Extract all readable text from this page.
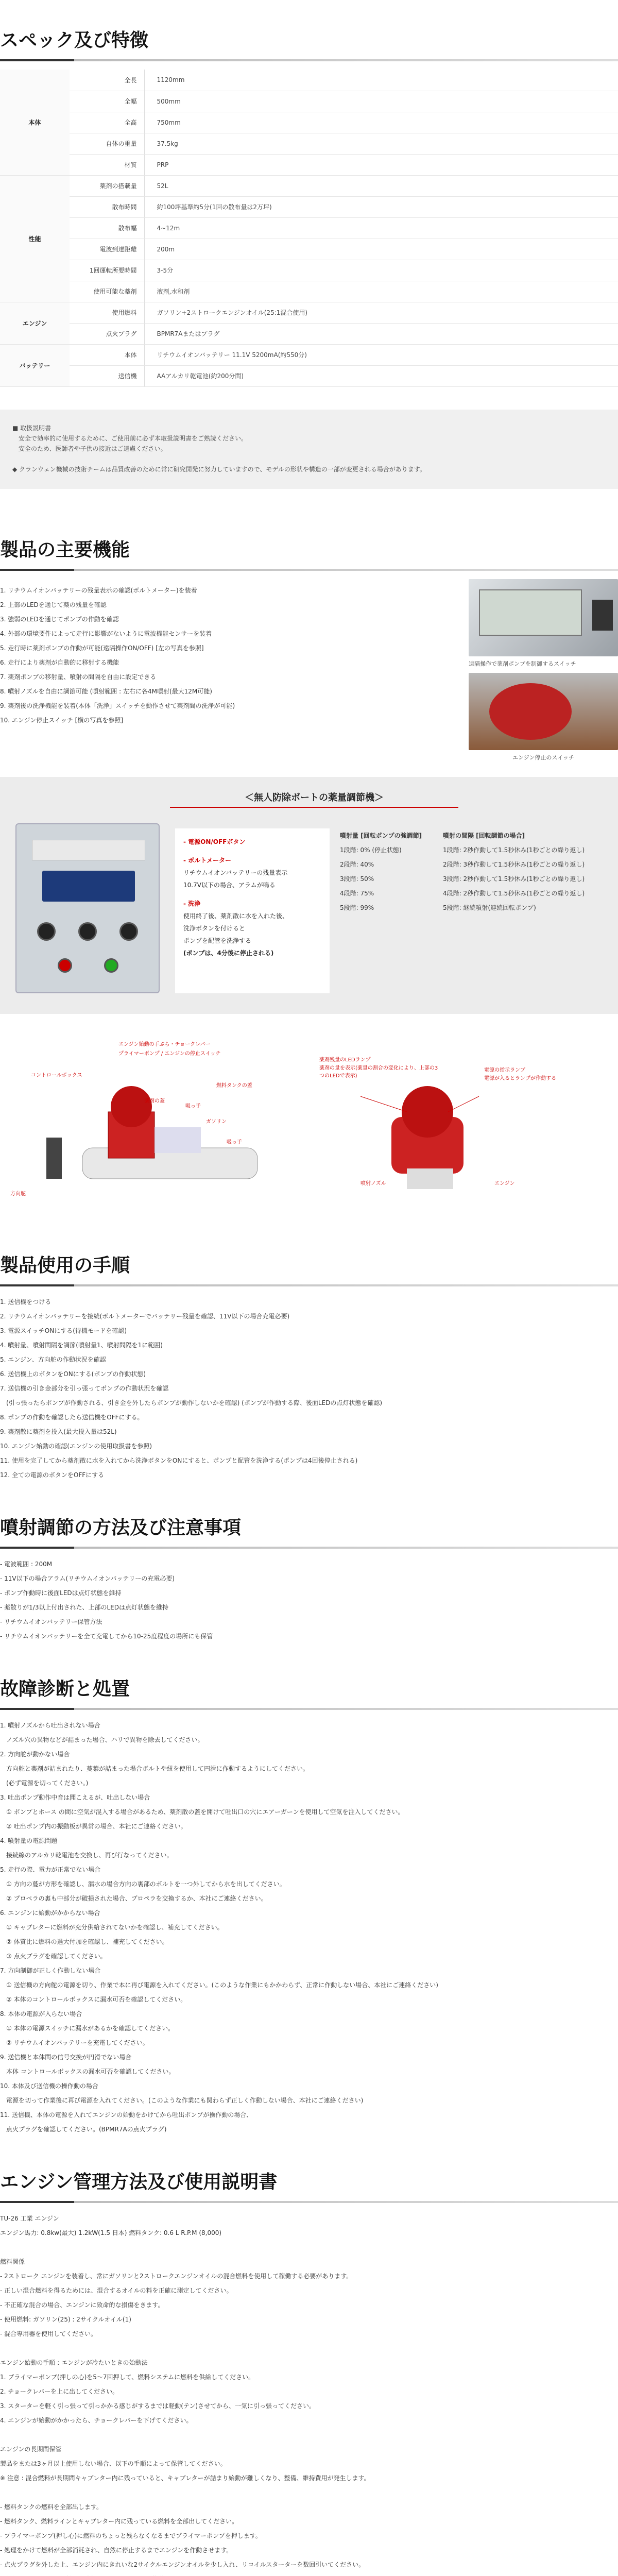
スペック及び特徴
本体	全長	1120mm
	全幅	500mm
	全高	750mm
	自体の重量	37.5kg
	材質	PRP
性能	薬剤の搭載量	52L
	散布時間	約100坪基準約5分(1回の散布量は2万坪)
	散布幅	4~12m
	電波到達距離	200m
	1回運転所要時間	3-5分
	使用可能な薬剤	液剤,水和剤
エンジン	使用燃料	ガソリン+2ストロークエンジンオイル(25:1混合使用)
	点火プラグ	BPMR7Aまたはプラグ
バッテリー	本体	リチウムイオンバッテリー 11.1V 5200mA(約550分)
	送信機	AAアルカリ乾電池(約200分間)

■ 取扱説明書

　安全で効率的に使用するために、ご使用前に必ず本取扱説明書をご熟読ください。

　安全のため、医師者や子供の接近はご遠慮ください。

◆ クランウェン機械の技術チームは品質改善のために常に研究開発に努力していますので、モデルの形状や構造の一部が変更される場合があります。

製品の主要機能

1. リチウムイオンバッテリーの残量表示の確認(ボルトメーター)を装着

2. 上部のLEDを通じて薬の残量を確認

3. 強弱のLEDを通じてポンプの作動を確認

4. 外部の環境要件によって走行に影響がないように電波機能センサーを装着

5. 走行時に薬剤ポンプの作動が可能(遠隔操作ON/OFF) [左の写真を参照]

6. 走行により薬剤が自動的に移射する機能

7. 薬剤ポンプの移射量、噴射の間隔を自由に設定できる

8. 噴射ノズルを自由に調節可能 (噴射範囲 : 左右に各4M噴射(最大12M可能)

9. 薬剤後の洗浄機能を装着(本体「洗浄」スイッチを動作させて薬剤間の洗浄が可能)

10. エンジン停止スイッチ [横の写真を参照]

遠隔操作で薬剤ポンプを制御するスイッチ
エンジン停止のスイッチ
＜無人防除ボートの薬量調節機＞
- 電源ON/OFFボタン
- ボルトメーター
リチウムイオンバッテリーの残量表示
10.7V以下の場合、アラムが鳴る
- 洗浄
使用終了後、薬剤散に水を入れた後、
洗浄ボタンを付けると
ポンプを配管を洗浄する
(ポンプは、4分後に停止される)
噴射量 [回転ポンプの強調節]	噴射の間隔 [回転調節の場合]
1段階: 0% (停止状態)	1段階: 2秒作動して1.5秒休み(1秒ごとの繰り返し)
2段階: 40%	2段階: 3秒作動して1.5秒休み(1秒ごとの繰り返し)
3段階: 50%	3段階: 2秒作動して1.5秒休み(1秒ごとの繰り返し)
4段階: 75%	4段階: 2秒作動して1.5秒休み(1秒ごとの繰り返し)
5段階: 99%	5段階: 継続噴射(連続回転ポンプ)
エンジン始動の手ぶら・チョークレバー
プライマーポンプ / エンジンの停止スイッチ
コントロールボックス
燃料タンクの蓋
吸っ手
薬剤の蓋
ガソリン
吸っ手
方向舵
薬剤残量のLEDランプ
薬剤の量を表示(薬量の割合の変化により、上部の3つのLEDで表示)
電源の指示ランプ
電源が入るとランプが作動する
噴射ノズル	エンジン
製品使用の手順

1. 送信機をつける

2. リチウムイオンバッテリーを接続(ボルトメーターでバッテリー残量を確認、11V以下の場合充電必要)

3. 電源スイッチONにする(待機モードを確認)

4. 噴射量、噴射間隔を調節(噴射量1、噴射間隔を1に範囲)

5. エンジン、方向舵の作動状況を確認

6. 送信機上のボタンをONにする(ポンプの作動状態)

7. 送信機の引き金部分を引っ張ってポンプの作動状況を確認

　(引っ張ったらポンプが作動される、引き金を外したらポンプが動作しないかを確認) (ポンプが作動する際、後面LEDの点灯状態を確認)

8. ポンプの作動を確認したら送信機をOFFにする。

9. 薬剤散に薬剤を投入(最大投入量は52L)

10. エンジン始動の確認(エンジンの使用取扱書を参照)

11. 使用を完了してから薬剤散に水を入れてから洗浄ボタンをONにすると、ポンプと配管を洗浄する(ポンプは4回後停止される)

12. 全ての電源のボタンをOFFにする

噴射調節の方法及び注意事項

- 電波範囲 : 200M

- 11V以下の場合アラム(リチウムイオンバッテリーの充電必要)

- ポンプ作動時に後面LEDは点灯状態を維持

- 薬散りが1/3以上付出された、上部のLEDは点灯状態を維持

- リチウムイオンバッテリー保管方法

- リチウムイオンバッテリーを全て充電してから10-25度程度の場所にも保管

故障診断と処置

1. 噴射ノズルから吐出されない場合

　ノズル穴の異物などが詰まった場合、ハリで異物を除去してください。

2. 方向舵が動かない場合

　方向舵と薬剤が詰まれたり、蔓葉が詰まった場合ボルトや紐を使用して円滑に作動するようにしてください。

　(必ず電源を切ってください。)

3. 吐出ポンプ動作中音は聞こえるが、吐出しない場合

　① ポンプとホース の間に空気が混入する場合があるため、薬剤散の蓋を開けて吐出口の穴にエアーガーンを使用して空気を注入してください。

　② 吐出ポンプ内の振動板が異常の場合、本社にご連絡ください。

4. 噴射量の電源問題

　接続線のアルカリ乾電池を交換し、再び行なってください。

5. 走行の際、電力が正常でない場合

　① 方向の蔓が方形を確認し、漏水の場合方向の裏部のボルトを一つ外してから水を出してください。

　② プロペラの裏も中部分が破損された場合、プロペラを交換するか、本社にご連絡ください。

6. エンジンに始動がかからない場合

　① キャブレターに燃料が充分供給されてないかを確認し、補充してください。

　② 体質比に燃料の過大付加を確認し、補充してください。

　③ 点火プラグを確認してください。

7. 方向制御が正しく作動しない場合

　① 送信機の方向舵の電源を切り、作業で本に再び電源を入れてください。(このような作業にもかかわらず、正常に作動しない場合、本社にご連絡ください)

　② 本体のコントロールボックスに漏水可否を確認してください。

8. 本体の電源が入らない場合

　① 本体の電源スイッチに漏水があるかを確認してください。

　② リチウムイオンバッテリーを充電してください。

9. 送信機と本体間の信号交換が円滑でない場合

　本体 コントロールボックスの漏水可否を確認してください。

10. 本体及び送信機の操作動の場合

　電源を切って作業後に再び電源を入れてください。(このような作業にも関わらず正しく作動しない場合、本社にご連絡ください)

11. 送信機、本体の電源を入れてエンジンの始動をかけてから吐出ポンプが操作動の場合、

　点火プラグを確認してください。(BPMR7Aの点火プラグ)

エンジン管理方法及び使用説明書

TU-26 工業 エンジン

エンジン馬力: 0.8kw(最大) 1.2kW(1.5 日本) 燃料タンク: 0.6 L R.P.M (8,000)

燃料関係

- 2ストローク エンジンを装着し、常にガソリンと2ストロークエンジンオイルの混合燃料を使用して稼働する必要があります。

- 正しい混合燃料を得るためには、混合するオイルの料を正確に測定してください。

- 不正確な混合の場合、エンジンに致命的な損傷をきます。

- 使用燃料: ガソリン(25) : 2サイクルオイル(1)

- 混合専用器を使用してください。

エンジン始動の手順 : エンジンが冷たいときの始動法

1. プライマーポンプ(押しの心)を5～7回押して、燃料システムに燃料を供給してください。

2. チョークレバーを上に出してください。

3. スターターを軽く引っ張って引っかかる感じがするまでは軽動(テン)させてから、一気に引っ張ってください。

4. エンジンが始動がかかったら、チョークレバーを下げてください。

エンジンの長期間保管

製品をまたは3ヶ月以上使用しない場合、以下の手順によって保管してください。

※ 注意 : 混合燃料が長期間キャブレター内に残っていると、キャブレターが詰まり始動が難しくなり、整備、維持費用が発生します。

- 燃料タンクの燃料を全部出します。

- 燃料タンク、燃料ラインとキャブレター内に残っている燃料を全部出してください。

- プライマーポンプ(押し心)に燃料のちょっと残らなくなるまでプライマーポンプを押します。

- 処理をかけて燃料が全部消耗され、自然に停止するまでエンジンを作動させます。

- 点火プラグを外した上、エンジン内にきれいな2サイクルエンジンオイルを少し入れ、リコイルスターターを数回引いてください。
